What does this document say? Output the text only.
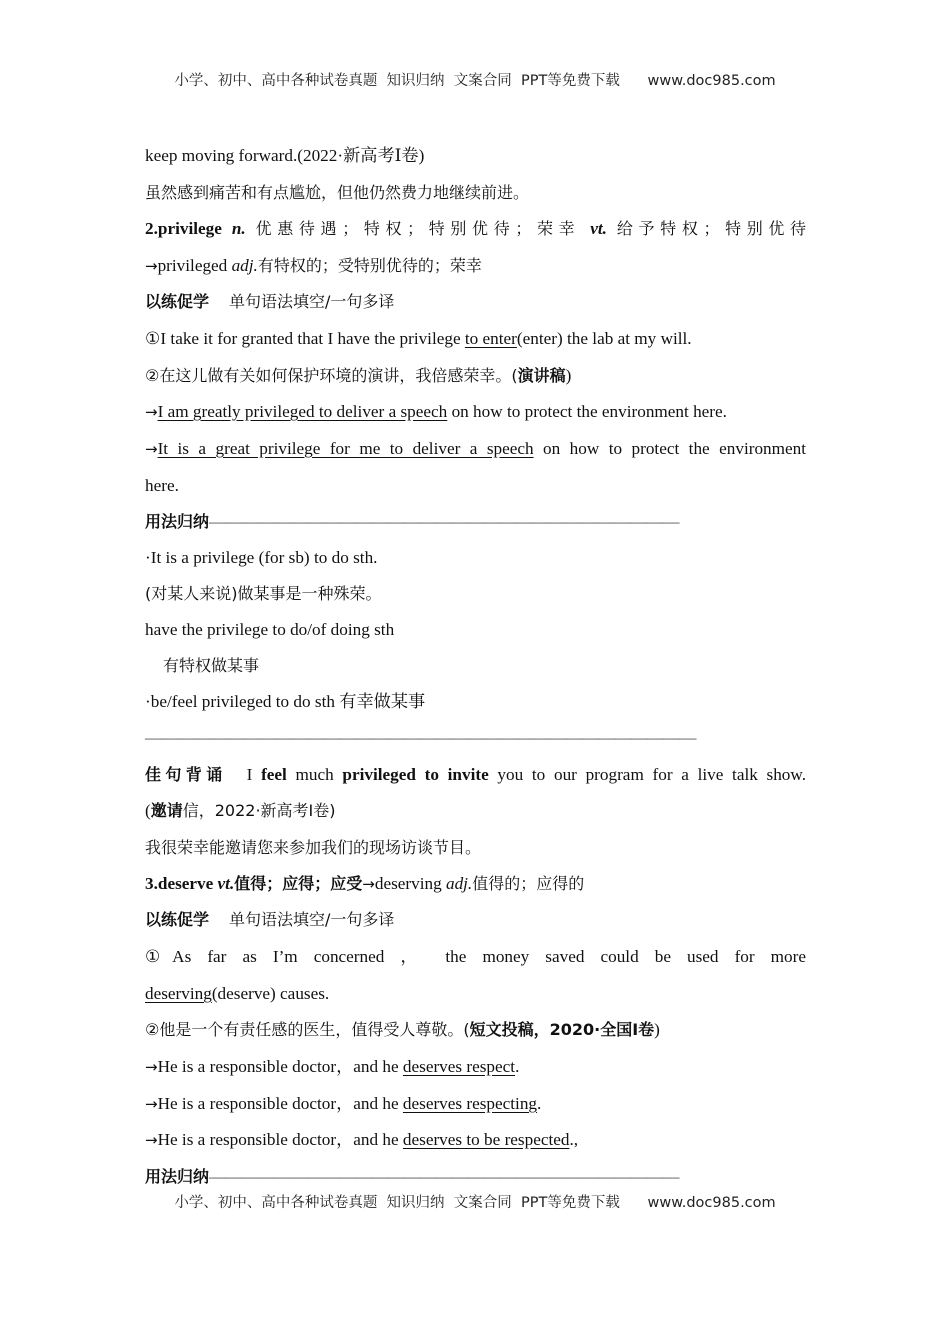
小学、初中、高中各种试卷真题  知识归纳  文案合同  PPT等免费下载      www.doc985.com
keep moving forward.(2022·新高考Ⅰ卷)
虽然感到痛苦和有点尴尬，但他仍然费力地继续前进。
2.privilege n. 优惠待遇；特权；特别优待；荣幸 vt. 给予特权；特别优待
→privileged adj.有特权的；受特别优待的；荣幸
以练促学 单句语法填空/一句多译
①I take it for granted that I have the privilege to enter(enter) the lab at my will.
②在这儿做有关如何保护环境的演讲，我倍感荣幸。(演讲稿)
→I am greatly privileged to deliver a speech on how to protect the environment here.
→It is a great privilege for me to deliver a speech on how to protect the environment
here.
用法归纳—————————————————————————————
·It is a privilege (for sb) to do sth.
(对某人来说)做某事是一种殊荣。
have the privilege to do/of doing sth
有特权做某事
·be/feel privileged to do sth 有幸做某事
——————————————————————————————————
佳句背诵 I feel much privileged to invite you to our program for a live talk show.
(邀请信，2022·新高考Ⅰ卷)
我很荣幸能邀请您来参加我们的现场访谈节目。
3.deserve vt.值得；应得；应受→deserving adj.值得的；应得的
以练促学 单句语法填空/一句多译
①As far as I’m concerned ， the money saved could be used for more
deserving(deserve) causes.
②他是一个有责任感的医生，值得受人尊敬。(短文投稿，2020·全国Ⅰ卷)
→He is a responsible doctor，and he deserves respect.
→He is a responsible doctor，and he deserves respecting.
→He is a responsible doctor，and he deserves to be respected.,
用法归纳—————————————————————————————
小学、初中、高中各种试卷真题  知识归纳  文案合同  PPT等免费下载      www.doc985.com
